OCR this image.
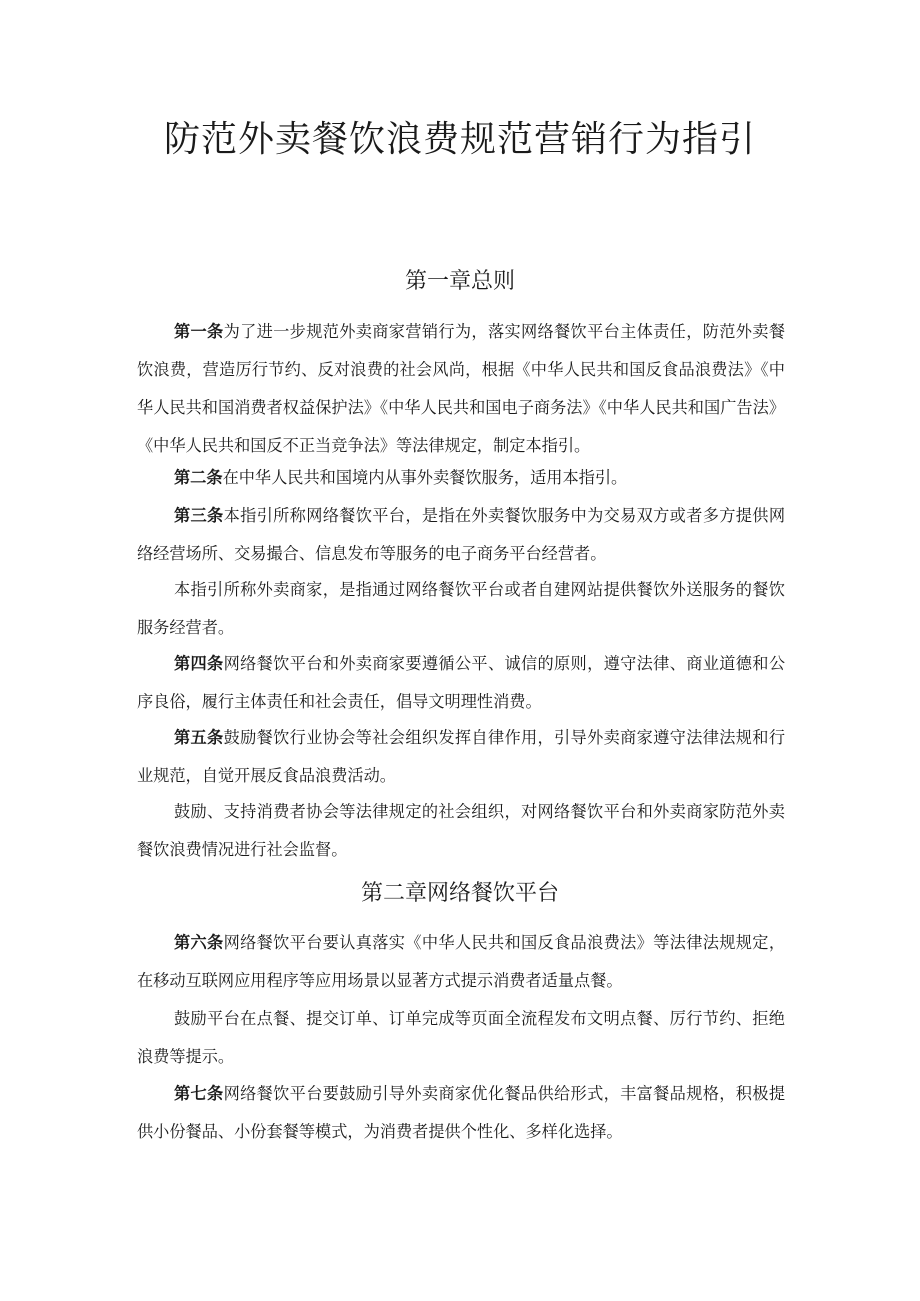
防范外卖餐饮浪费规范营销行为指引
第一章总则

第一条为了进一步规范外卖商家营销行为，落实网络餐饮平台主体责任，防范外卖餐饮浪费，营造厉行节约、反对浪费的社会风尚，根据《中华人民共和国反食品浪费法》《中华人民共和国消费者权益保护法》《中华人民共和国电子商务法》《中华人民共和国广告法》《中华人民共和国反不正当竞争法》等法律规定，制定本指引。

第二条在中华人民共和国境内从事外卖餐饮服务，适用本指引。

第三条本指引所称网络餐饮平台，是指在外卖餐饮服务中为交易双方或者多方提供网络经营场所、交易撮合、信息发布等服务的电子商务平台经营者。

本指引所称外卖商家，是指通过网络餐饮平台或者自建网站提供餐饮外送服务的餐饮服务经营者。

第四条网络餐饮平台和外卖商家要遵循公平、诚信的原则，遵守法律、商业道德和公序良俗，履行主体责任和社会责任，倡导文明理性消费。

第五条鼓励餐饮行业协会等社会组织发挥自律作用，引导外卖商家遵守法律法规和行业规范，自觉开展反食品浪费活动。

鼓励、支持消费者协会等法律规定的社会组织，对网络餐饮平台和外卖商家防范外卖餐饮浪费情况进行社会监督。

第二章网络餐饮平台

第六条网络餐饮平台要认真落实《中华人民共和国反食品浪费法》等法律法规规定，在移动互联网应用程序等应用场景以显著方式提示消费者适量点餐。

鼓励平台在点餐、提交订单、订单完成等页面全流程发布文明点餐、厉行节约、拒绝浪费等提示。

第七条网络餐饮平台要鼓励引导外卖商家优化餐品供给形式，丰富餐品规格，积极提供小份餐品、小份套餐等模式，为消费者提供个性化、多样化选择。
